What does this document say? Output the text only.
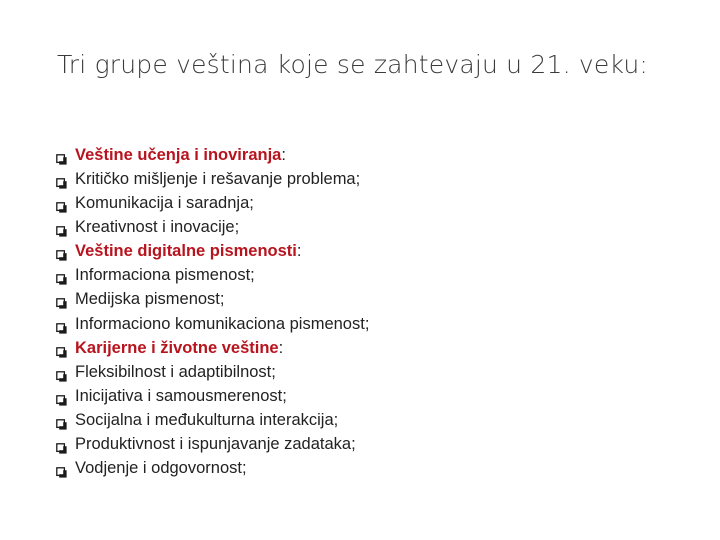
Tri grupe veština koje se zahtevaju u 21. veku:
Veštine učenja i inoviranja :
Kritičko mišljenje i rešavanje problema;
Komunikacija i saradnja;
Kreativnost i inovacije;
Veštine digitalne pismenosti :
Informaciona pismenost;
Medijska pismenost;
Informaciono komunikaciona pismenost;
Karijerne i životne veštine :
Fleksibilnost i adaptibilnost;
Inicijativa i samousmerenost;
Socijalna i međukulturna interakcija;
Produktivnost i ispunjavanje zadataka;
Vodjenje i odgovornost;
